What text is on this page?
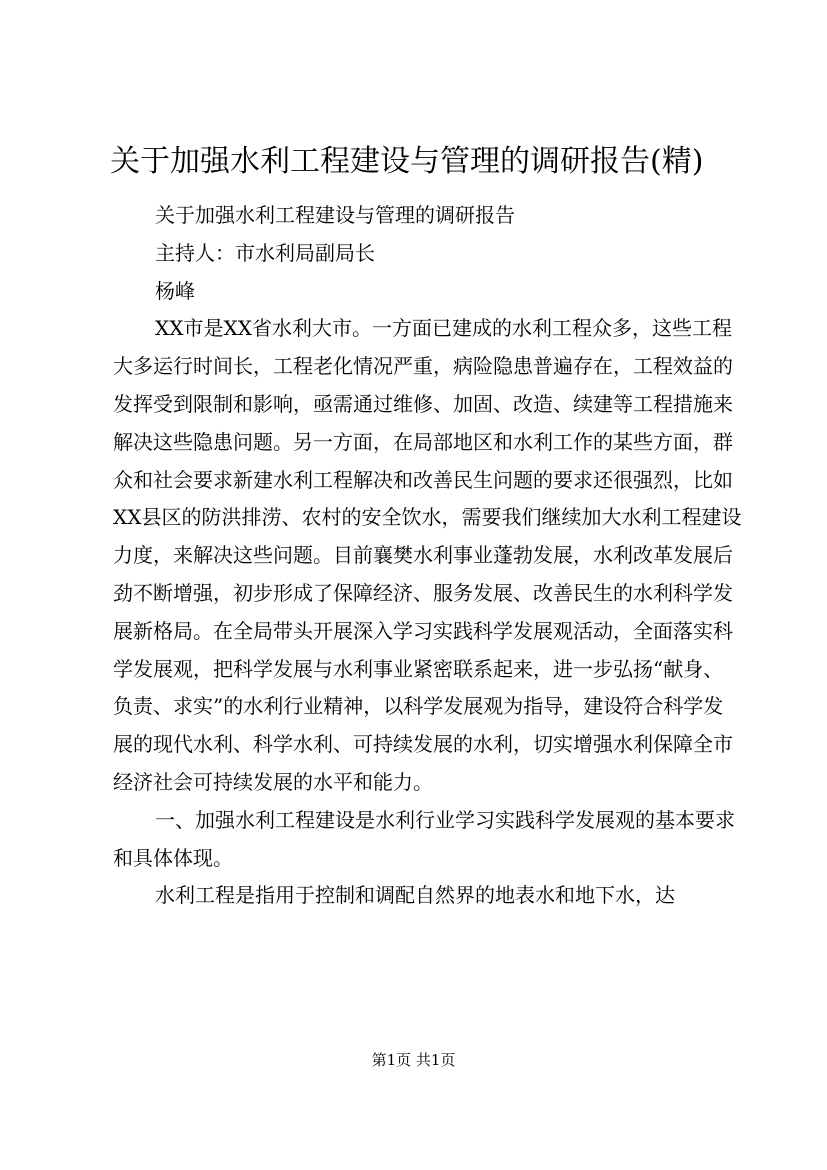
关于加强水利工程建设与管理的调研报告(精)

关于加强水利工程建设与管理的调研报告

主持人：市水利局副局长

杨峰

XX市是XX省水利大市。一方面已建成的水利工程众多，这些工程大多运行时间长，工程老化情况严重，病险隐患普遍存在，工程效益的发挥受到限制和影响，亟需通过维修、加固、改造、续建等工程措施来解决这些隐患问题。另一方面，在局部地区和水利工作的某些方面，群众和社会要求新建水利工程解决和改善民生问题的要求还很强烈，比如XX县区的防洪排涝、农村的安全饮水，需要我们继续加大水利工程建设力度，来解决这些问题。目前襄樊水利事业蓬勃发展，水利改革发展后劲不断增强，初步形成了保障经济、服务发展、改善民生的水利科学发展新格局。在全局带头开展深入学习实践科学发展观活动，全面落实科学发展观，把科学发展与水利事业紧密联系起来，进一步弘扬“献身、负责、求实”的水利行业精神，以科学发展观为指导，建设符合科学发展的现代水利、科学水利、可持续发展的水利，切实增强水利保障全市经济社会可持续发展的水平和能力。

一、加强水利工程建设是水利行业学习实践科学发展观的基本要求和具体体现。

水利工程是指用于控制和调配自然界的地表水和地下水，达

第1页 共1页
